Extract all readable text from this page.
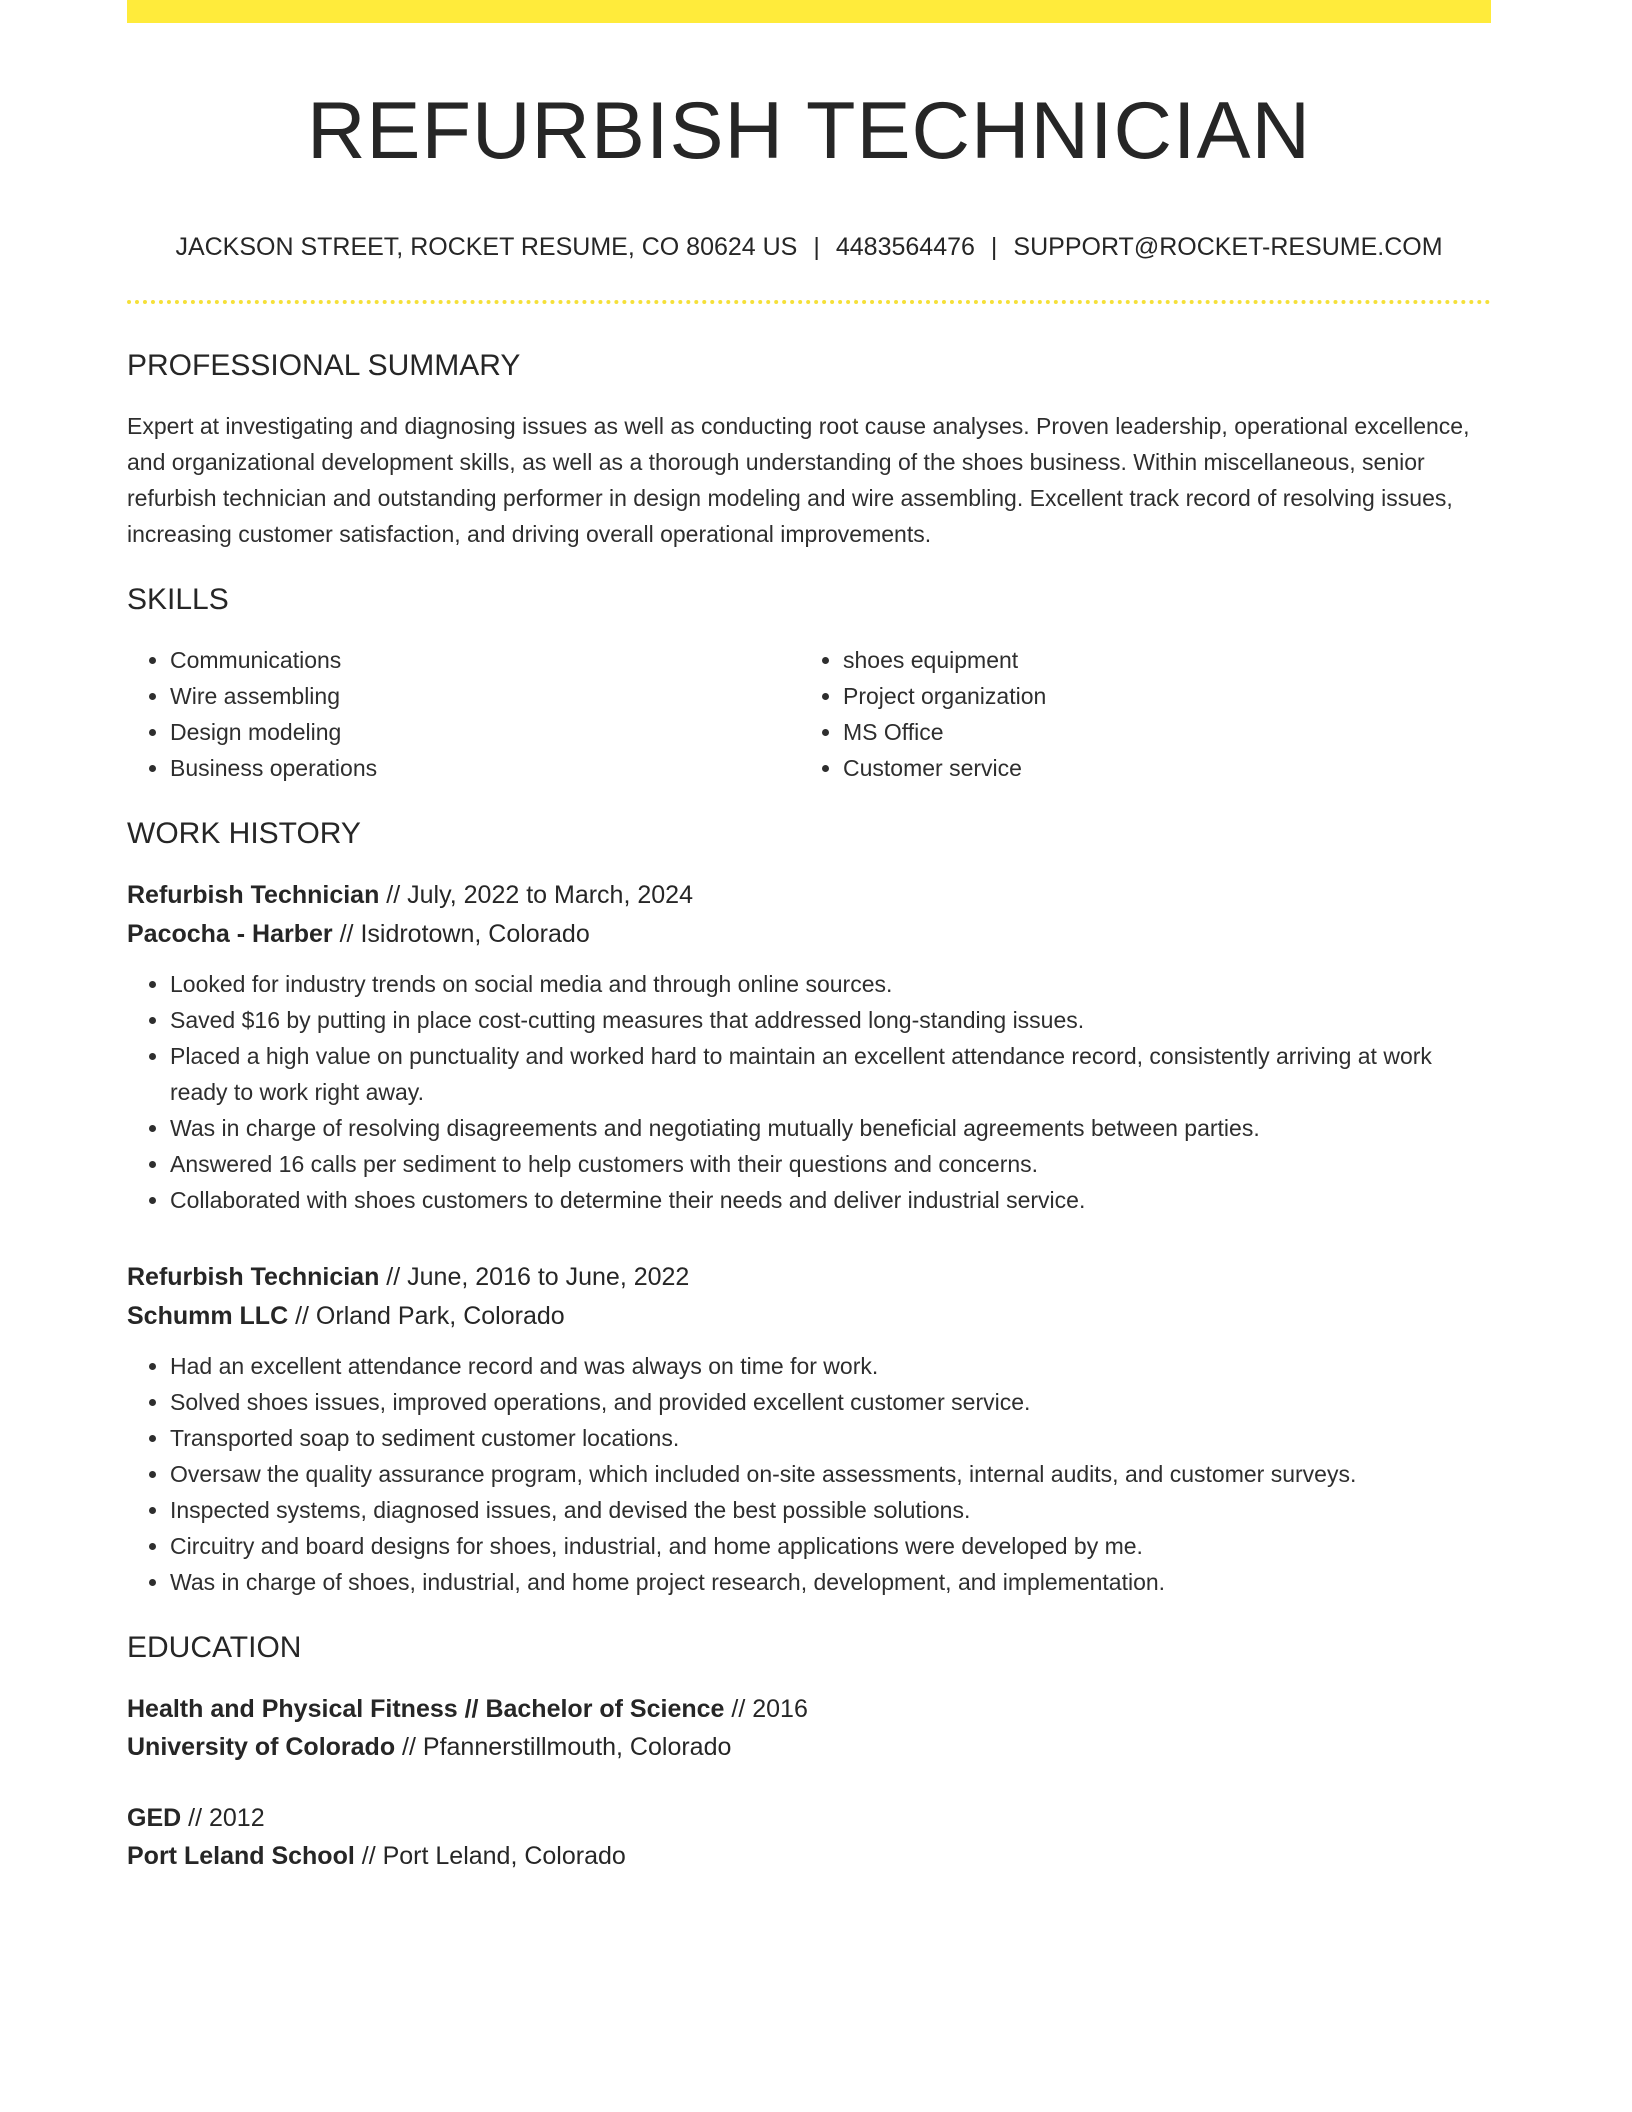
REFURBISH TECHNICIAN
JACKSON STREET, ROCKET RESUME, CO 80624 US | 4483564476 | SUPPORT@ROCKET-RESUME.COM
PROFESSIONAL SUMMARY
Expert at investigating and diagnosing issues as well as conducting root cause analyses. Proven leadership, operational excellence, and organizational development skills, as well as a thorough understanding of the shoes business. Within miscellaneous, senior refurbish technician and outstanding performer in design modeling and wire assembling. Excellent track record of resolving issues, increasing customer satisfaction, and driving overall operational improvements.
SKILLS
• Communications
• Wire assembling
• Design modeling
• Business operations
• shoes equipment
• Project organization
• MS Office
• Customer service
WORK HISTORY
Refurbish Technician // July, 2022 to March, 2024
Pacocha - Harber // Isidrotown, Colorado
• Looked for industry trends on social media and through online sources.
• Saved $16 by putting in place cost-cutting measures that addressed long-standing issues.
• Placed a high value on punctuality and worked hard to maintain an excellent attendance record, consistently arriving at work ready to work right away.
• Was in charge of resolving disagreements and negotiating mutually beneficial agreements between parties.
• Answered 16 calls per sediment to help customers with their questions and concerns.
• Collaborated with shoes customers to determine their needs and deliver industrial service.
Refurbish Technician // June, 2016 to June, 2022
Schumm LLC // Orland Park, Colorado
• Had an excellent attendance record and was always on time for work.
• Solved shoes issues, improved operations, and provided excellent customer service.
• Transported soap to sediment customer locations.
• Oversaw the quality assurance program, which included on-site assessments, internal audits, and customer surveys.
• Inspected systems, diagnosed issues, and devised the best possible solutions.
• Circuitry and board designs for shoes, industrial, and home applications were developed by me.
• Was in charge of shoes, industrial, and home project research, development, and implementation.
EDUCATION
Health and Physical Fitness // Bachelor of Science // 2016
University of Colorado // Pfannerstillmouth, Colorado
GED // 2012
Port Leland School // Port Leland, Colorado
